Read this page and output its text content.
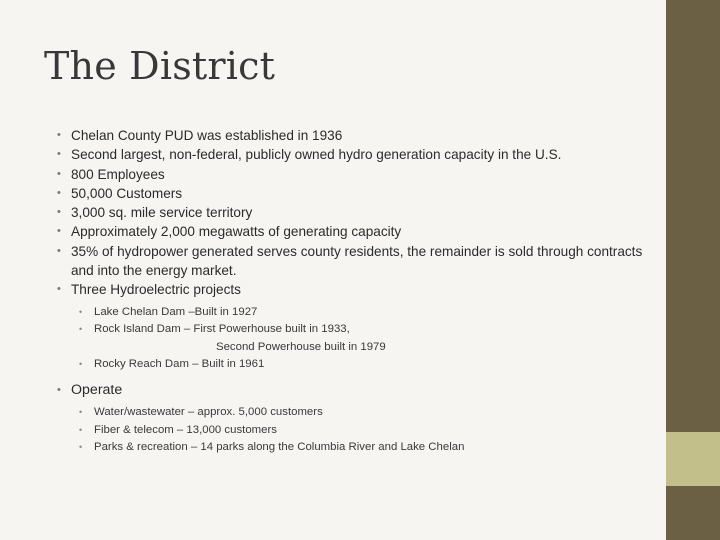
The District
• Chelan County PUD was established in 1936
• Second largest, non-federal, publicly owned hydro generation capacity in the U.S.
• 800 Employees
• 50,000 Customers
• 3,000 sq. mile service territory
• Approximately 2,000 megawatts of generating capacity
• 35% of hydropower generated serves county residents, the remainder is sold through contracts and into the energy market.
• Three Hydroelectric projects
• Lake Chelan Dam –Built in 1927
• Rock Island Dam – First Powerhouse built in 1933,
Second Powerhouse built in 1979
• Rocky Reach Dam – Built in 1961
• Operate
• Water/wastewater – approx. 5,000 customers
• Fiber & telecom – 13,000 customers
• Parks & recreation – 14 parks along the Columbia River and Lake Chelan
